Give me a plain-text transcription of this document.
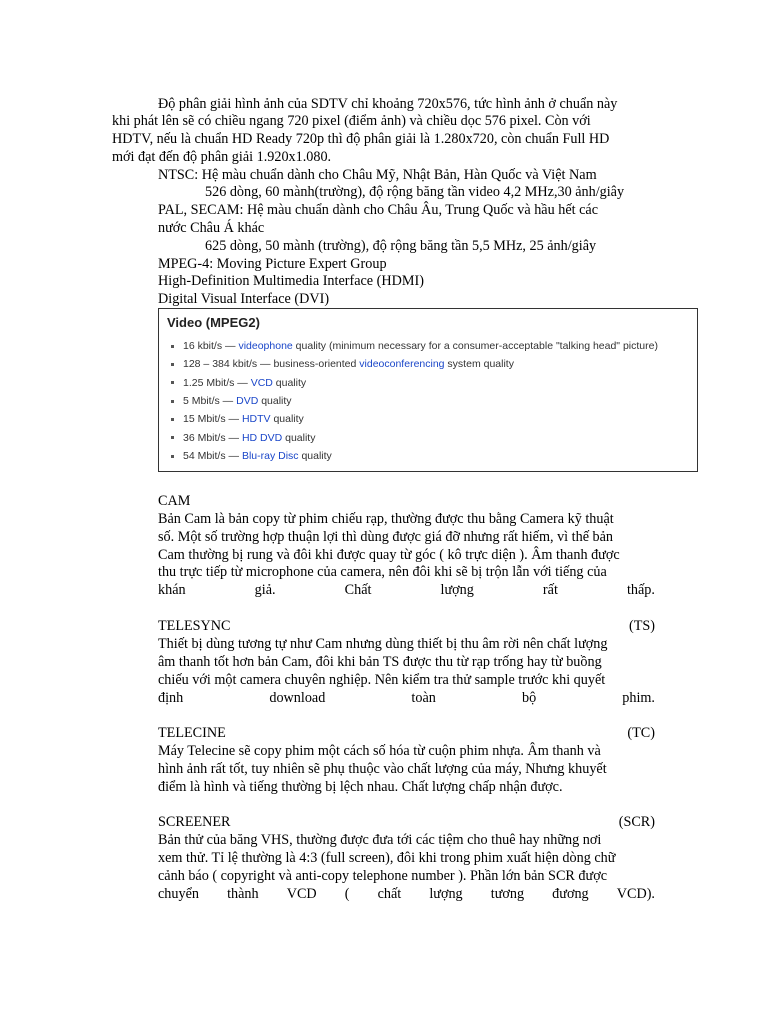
Độ phân giải hình ảnh của SDTV chỉ khoảng 720x576, tức hình ảnh ở chuẩn này
khi phát lên sẽ có chiều ngang 720 pixel (điểm ảnh) và chiều dọc 576 pixel. Còn với
HDTV, nếu là chuẩn HD Ready 720p thì độ phân giải là 1.280x720, còn chuẩn Full HD
mới đạt đến độ phân giải 1.920x1.080.
NTSC: Hệ màu chuẩn dành cho Châu Mỹ, Nhật Bản, Hàn Quốc và Việt Nam
526 dòng, 60 mành(trường), độ rộng băng tần video 4,2 MHz,30 ảnh/giây
PAL, SECAM: Hệ màu chuẩn dành cho Châu Âu, Trung Quốc và hầu hết các
nước Châu Á khác
625 dòng, 50 mành (trường), độ rộng băng tần 5,5 MHz, 25 ảnh/giây
MPEG-4: Moving Picture Expert Group
High-Definition Multimedia Interface (HDMI)
Digital Visual Interface (DVI)
Video (MPEG2)
16 kbit/s — videophone quality (minimum necessary for a consumer-acceptable "talking head" picture)
128 – 384 kbit/s — business-oriented videoconferencing system quality
1.25 Mbit/s — VCD quality
5 Mbit/s — DVD quality
15 Mbit/s — HDTV quality
36 Mbit/s — HD DVD quality
54 Mbit/s — Blu-ray Disc quality
CAM
Bản Cam là bản copy từ phim chiếu rạp, thường được thu bằng Camera kỹ thuật
số. Một số trường hợp thuận lợi thì dùng được giá đỡ nhưng rất hiếm, vì thế bản
Cam thường bị rung và đôi khi được quay từ góc ( kô trực diện ). Âm thanh được
thu trực tiếp từ microphone của camera, nên đôi khi sẽ bị trộn lẫn với tiếng của
khán	giả.	Chất	lượng	rất	thấp.
TELESYNC	(TS)
Thiết bị dùng tương tự như Cam nhưng dùng thiết bị thu âm rời nên chất lượng
âm thanh tốt hơn bản Cam, đôi khi bản TS được thu từ rạp trống hay từ buồng
chiếu với một camera chuyên nghiệp. Nên kiểm tra thử sample trước khi quyết
định	download	toàn	bộ	phim.
TELECINE	(TC)
Máy Telecine sẽ copy phim một cách số hóa từ cuộn phim nhựa. Âm thanh và
hình ảnh rất tốt, tuy nhiên sẽ phụ thuộc vào chất lượng của máy, Nhưng khuyết
điểm là hình và tiếng thường bị lệch nhau. Chất lượng chấp nhận được.
SCREENER	(SCR)
Bản thử của băng VHS, thường được đưa tới các tiệm cho thuê hay những nơi
xem thử. Tỉ lệ thường là 4:3 (full screen), đôi khi trong phim xuất hiện dòng chữ
cảnh báo ( copyright và anti-copy telephone number ). Phần lớn bản SCR được
chuyển thành VCD ( chất lượng tương đương VCD).
